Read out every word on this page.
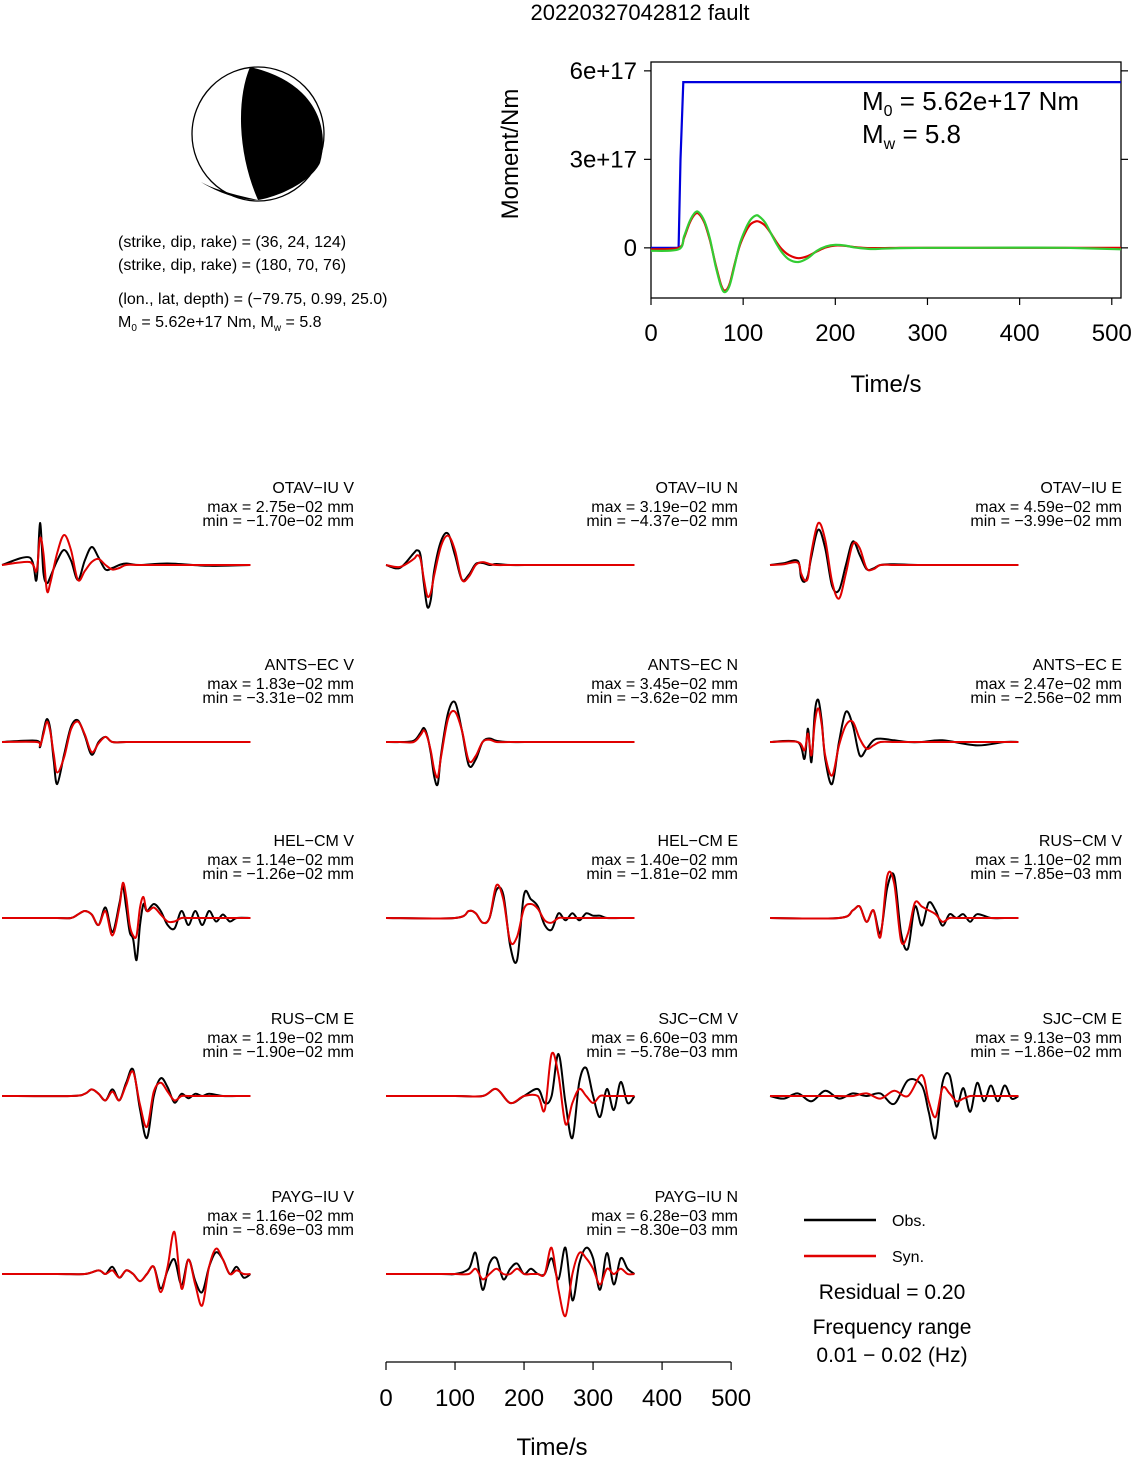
20220327042812 fault
(strike, dip, rake) = (36, 24, 124)
(strike, dip, rake) = (180, 70, 76)
(lon., lat, depth) = (−79.75, 0.99, 25.0)
$M_0 = 5.62e+17$ Nm, $M_w = 5.8$	0	100 200 300 400 500
0
3e+17
6e+17
Time/s
Moment/Nm	$M_0 = 5.62e+17$ Nm
$M_w = 5.8$
OTAV−IU V
max = 2.75e−02 mm
min = −1.70e−02 mm
OTAV−IU N
max = 3.19e−02 mm
min = −4.37e−02 mm
OTAV−IU E
max = 4.59e−02 mm
min = −3.99e−02 mm
ANTS−EC V
max = 1.83e−02 mm
min = −3.31e−02 mm
ANTS−EC N
max = 3.45e−02 mm
min = −3.62e−02 mm
ANTS−EC E
max = 2.47e−02 mm
min = −2.56e−02 mm
HEL−CM V
max = 1.14e−02 mm
min = −1.26e−02 mm
HEL−CM E
max = 1.40e−02 mm
min = −1.81e−02 mm
RUS−CM V
max = 1.10e−02 mm
min = −7.85e−03 mm
RUS−CM E
max = 1.19e−02 mm
min = −1.90e−02 mm
SJC−CM V
max = 6.60e−03 mm
min = −5.78e−03 mm
SJC−CM E
max = 9.13e−03 mm
min = −1.86e−02 mm
PAYG−IU V
max = 1.16e−02 mm
min = −8.69e−03 mm
PAYG−IU N
max = 6.28e−03 mm
min = −8.30e−03 mm
0 100 200 300 400 500
Time/s
Obs.
Syn.
Residual = 0.20
Frequency range
0.01 − 0.02 (Hz)
